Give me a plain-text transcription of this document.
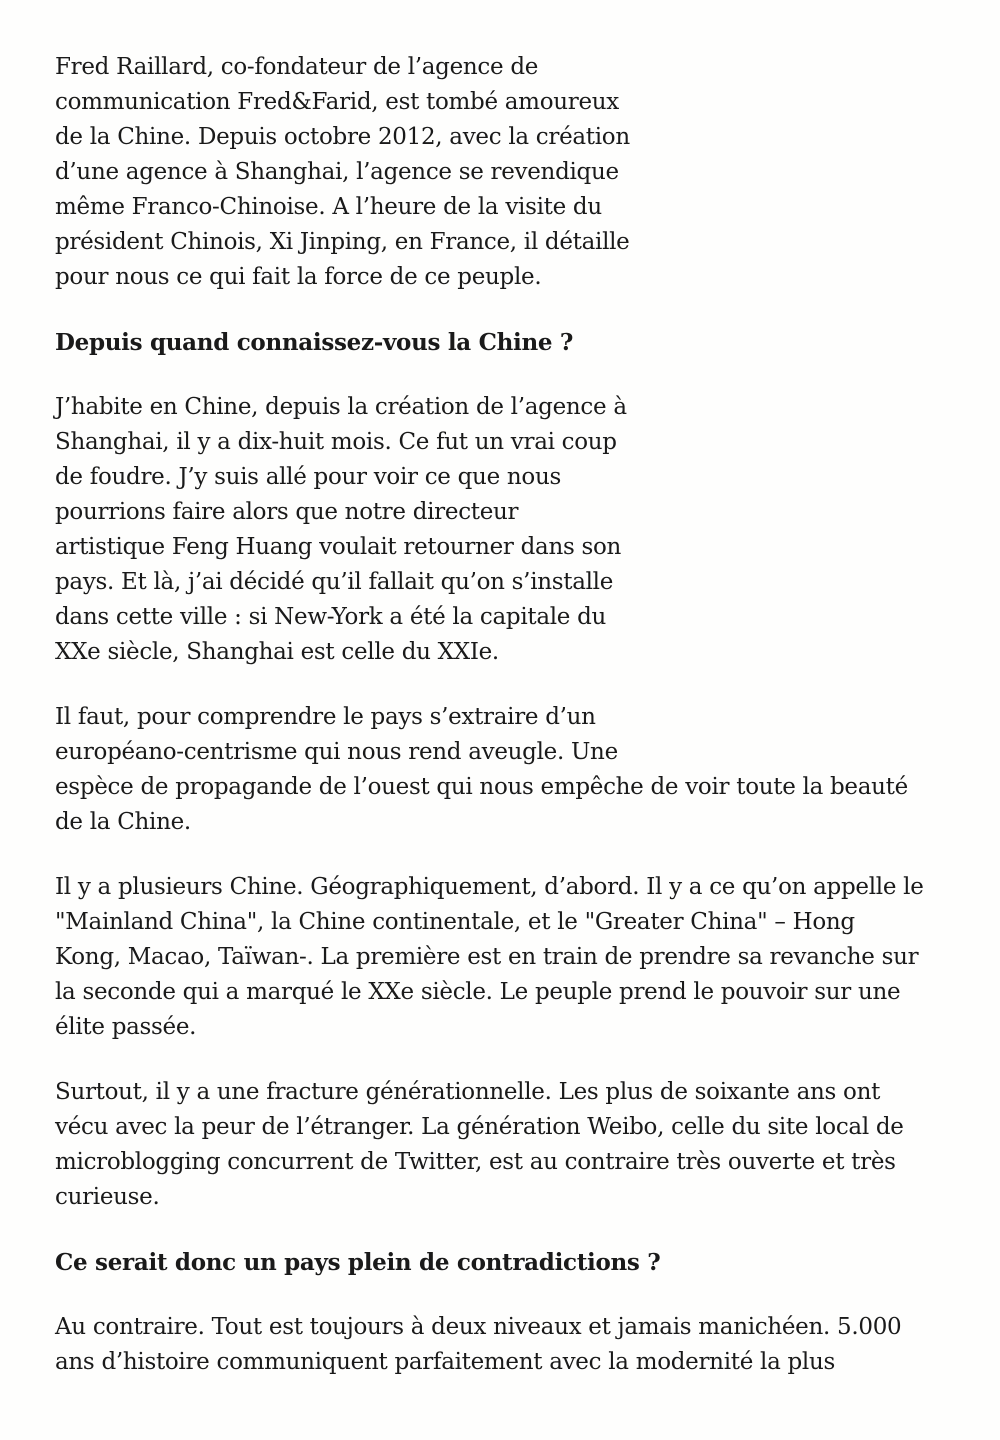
Fred Raillard, co-fondateur de l’agence de
communication Fred&Farid, est tombé amoureux
de la Chine. Depuis octobre 2012, avec la création
d’une agence à Shanghai, l’agence se revendique
même Franco-Chinoise. A l’heure de la visite du
président Chinois, Xi Jinping, en France, il détaille
pour nous ce qui fait la force de ce peuple.

Depuis quand connaissez-vous la Chine ?

J’habite en Chine, depuis la création de l’agence à
Shanghai, il y a dix-huit mois. Ce fut un vrai coup
de foudre. J’y suis allé pour voir ce que nous
pourrions faire alors que notre directeur
artistique Feng Huang voulait retourner dans son
pays. Et là, j’ai décidé qu’il fallait qu’on s’installe
dans cette ville : si New-York a été la capitale du
XXe siècle, Shanghai est celle du XXIe.

Il faut, pour comprendre le pays s’extraire d’un
européano-centrisme qui nous rend aveugle. Une
espèce de propagande de l’ouest qui nous empêche de voir toute la beauté
de la Chine.

Il y a plusieurs Chine. Géographiquement, d’abord. Il y a ce qu’on appelle le
"Mainland China", la Chine continentale, et le "Greater China" – Hong
Kong, Macao, Taïwan-. La première est en train de prendre sa revanche sur
la seconde qui a marqué le XXe siècle. Le peuple prend le pouvoir sur une
élite passée.

Surtout, il y a une fracture générationnelle. Les plus de soixante ans ont
vécu avec la peur de l’étranger. La génération Weibo, celle du site local de
microblogging concurrent de Twitter, est au contraire très ouverte et très
curieuse.

Ce serait donc un pays plein de contradictions ?

Au contraire. Tout est toujours à deux niveaux et jamais manichéen. 5.000
ans d’histoire communiquent parfaitement avec la modernité la plus
